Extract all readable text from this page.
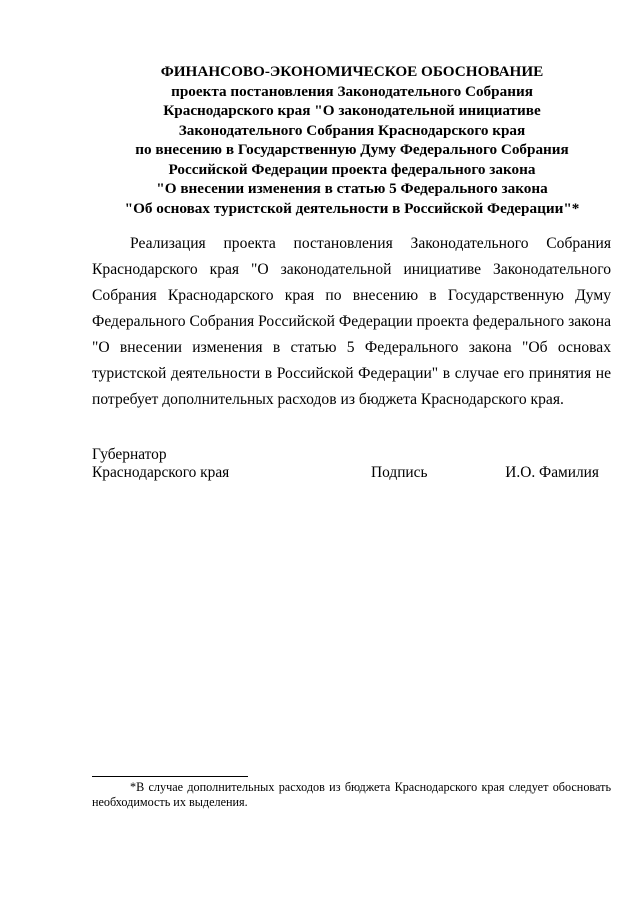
ФИНАНСОВО-ЭКОНОМИЧЕСКОЕ ОБОСНОВАНИЕ
проекта постановления Законодательного Собрания
Краснодарского края "О законодательной инициативе
Законодательного Собрания Краснодарского края
по внесению в Государственную Думу Федерального Собрания
Российской Федерации проекта федерального закона
"О внесении изменения в статью 5 Федерального закона
"Об основах туристской деятельности в Российской Федерации"*

Реализация проекта постановления Законодательного Собрания Краснодарского края "О законодательной инициативе Законодательного Собрания Краснодарского края по внесению в Государственную Думу Федерального Собрания Российской Федерации проекта федерального закона "О внесении изменения в статью 5 Федерального закона "Об основах туристской деятельности в Российской Федерации" в случае его принятия не потребует дополнительных расходов из бюджета Краснодарского края.

Губернатор
Краснодарского края	Подпись	И.О. Фамилия

*В случае дополнительных расходов из бюджета Краснодарского края следует обосновать необходимость их выделения.
